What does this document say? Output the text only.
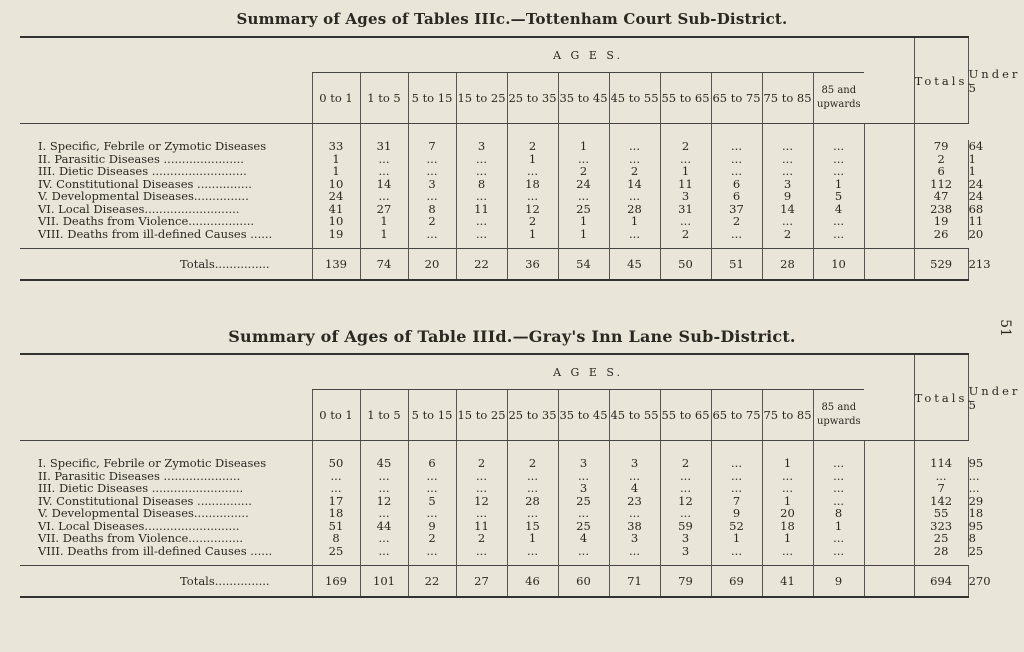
Summary of Ages of Tables IIIc.—Tottenham Court Sub-District.
51
	A G E S.												Totals.	Under 5
	0 to 1	1 to 5	5 to 15	15 to 25	25 to 35	35 to 45	45 to 55	55 to 65	65 to 75	75 to 85	85 and upwards			

I. Specific, Febrile or Zymotic Diseases	33	31	7	3	2	1	...	2	...	...	...		79	64
II. Parasitic Diseases ......................	1	...	...	...	1	...	...	...	...	...	...		2	1
III. Dietic Diseases ..........................	1	...	...	...	...	2	2	1	...	...	...		6	1
IV. Constitutional Diseases ...............	10	14	3	8	18	24	14	11	6	3	1		112	24
V. Developmental Diseases...............	24	...	...	...	...	...	...	3	6	9	5		47	24
VI. Local Diseases..........................	41	27	8	11	12	25	28	31	37	14	4		238	68
VII. Deaths from Violence..................	10	1	2	...	2	1	1	...	2	...	...		19	11
VIII. Deaths from ill-defined Causes ......	19	1	...	...	1	1	...	2	...	2	...		26	20

Totals...............	139	74	20	22	36	54	45	50	51	28	10		529	213
Summary of Ages of Table IIId.—Gray's Inn Lane Sub-District.
	A G E S.												Totals.	Under 5
	0 to 1	1 to 5	5 to 15	15 to 25	25 to 35	35 to 45	45 to 55	55 to 65	65 to 75	75 to 85	85 and upwards			

I. Specific, Febrile or Zymotic Diseases	50	45	6	2	2	3	3	2	...	1	...		114	95
II. Parasitic Diseases .....................	...	...	...	...	...	...	...	...	...	...	...		...	...
III. Dietic Diseases .........................	...	...	...	...	...	3	4	...	...	...	...		7	...
IV. Constitutional Diseases ...............	17	12	5	12	28	25	23	12	7	1	...		142	29
V. Developmental Diseases...............	18	...	...	...	...	...	...	...	9	20	8		55	18
VI. Local Diseases..........................	51	44	9	11	15	25	38	59	52	18	1		323	95
VII. Deaths from Violence...............	8	...	2	2	1	4	3	3	1	1	...		25	8
VIII. Deaths from ill-defined Causes ......	25	...	...	...	...	...	...	3	...	...	...		28	25

Totals...............	169	101	22	27	46	60	71	79	69	41	9		694	270
